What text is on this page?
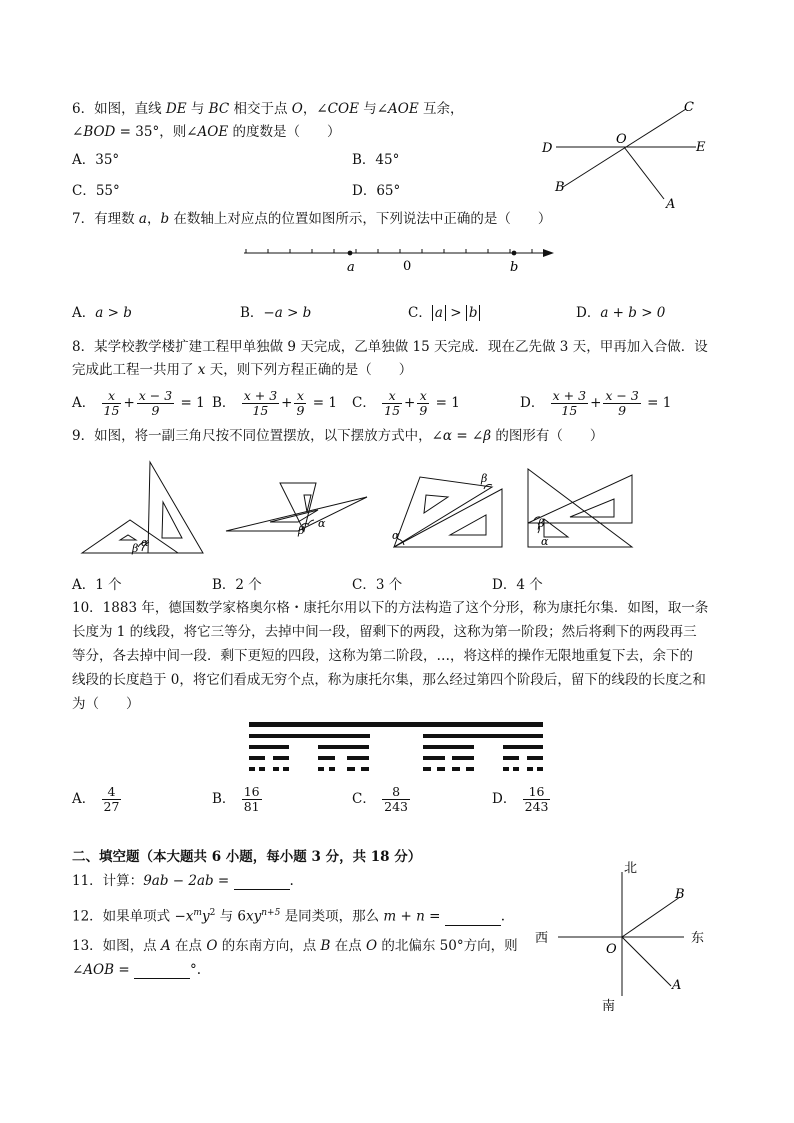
6．如图，直线 DE 与 BC 相交于点 O，∠COE 与∠AOE 互余，
∠BOD = 35°，则∠AOE 的度数是（　　）
A．35°	B．45°
C．55°	D．65°
C
O
D	E
B
A
7．有理数 a，b 在数轴上对应点的位置如图所示，下列说法中正确的是（　　）
a	0	b
A．a > b	B．−a > b	C． a > b	D．a + b > 0
8．某学校教学楼扩建工程甲单独做 9 天完成，乙单独做 15 天完成．现在乙先做 3 天，甲再加入合做．设
完成此工程一共用了 x 天，则下列方程正确的是（　　）
A． $\frac{x}{15} + \frac{x - 3}{9} = 1$ B． $\frac{x + 3}{15} + \frac{x}{9} = 1$ C． $\frac{x}{15} + \frac{x}{9} = 1$	D． $\frac{x + 3}{15} + \frac{x - 3}{9} = 1$
9．如图，将一副三角尺按不同位置摆放，以下摆放方式中，∠α = ∠β 的图形有（　　）
β α
β
α
α
β
β
α
A．1 个	B．2 个	C．3 个	D．4 个
10．1883 年，德国数学家格奥尔格・康托尔用以下的方法构造了这个分形，称为康托尔集．如图，取一条
长度为 1 的线段，将它三等分，去掉中间一段，留剩下的两段，这称为第一阶段；然后将剩下的两段再三
等分，各去掉中间一段．剩下更短的四段，这称为第二阶段，…，将这样的操作无限地重复下去，余下的
线段的长度趋于 0，将它们看成无穷个点，称为康托尔集，那么经过第四个阶段后，留下的线段的长度之和
为（　　）
A． $\frac{4}{27}$	B． $\frac{16}{81}$	C． $\frac{8}{243}$	D． $\frac{16}{243}$
二、填空题（本大题共 6 小题，每小题 3 分，共 18 分）
11．计算：9ab − 2ab =	.
12．如果单项式 $-x^my^2$ 与 $6xy^{n+5}$ 是同类项，那么 m + n =	.
13．如图，点 A 在点 O 的东南方向，点 B 在点 O 的北偏东 50°方向，则
∠AOB =	°.
北
南
东
西
O
B
A
